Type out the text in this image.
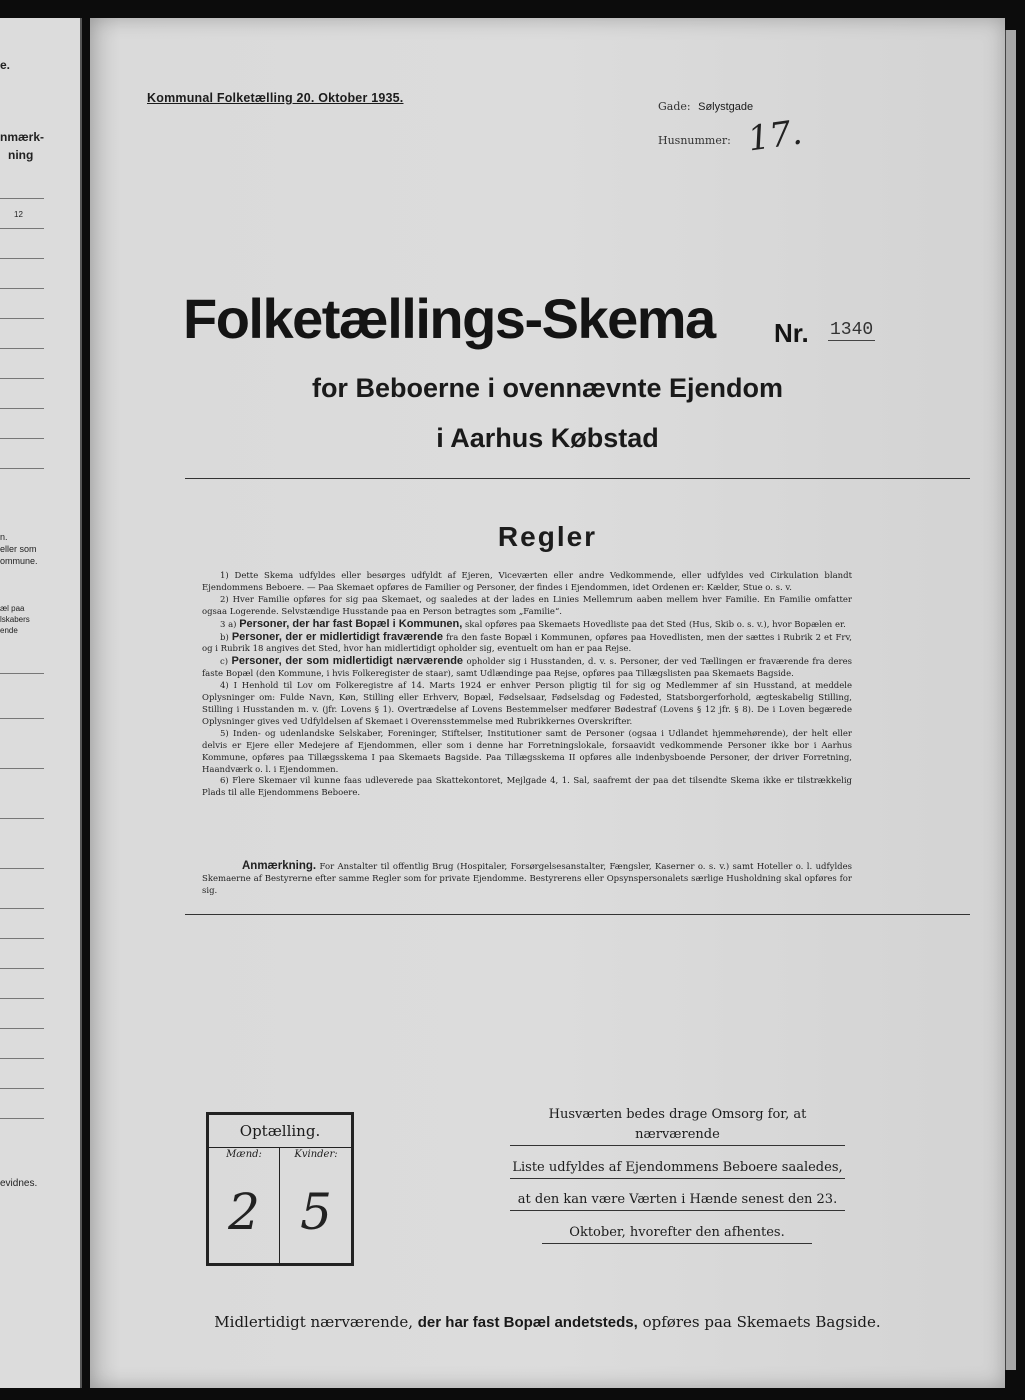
e.
nmærk-
ning
12
n.
eller som
ommune.
æl paa
lskabers
ende
evidnes.
Kommunal Folketælling 20. Oktober 1935.
Gade: Sølystgade
Husnummer: 17.
Folketællings-Skema Nr. 1340
for Beboerne i ovennævnte Ejendom
i Aarhus Købstad
Regler

1) Dette Skema udfyldes eller besørges udfyldt af Ejeren, Viceværten eller andre Vedkommende, eller udfyldes ved Cirkulation blandt Ejendommens Beboere. — Paa Skemaet opføres de Familier og Personer, der findes i Ejendommen, idet Ordenen er: Kælder, Stue o. s. v.

2) Hver Familie opføres for sig paa Skemaet, og saaledes at der lades en Linies Mellemrum aaben mellem hver Familie. En Familie omfatter ogsaa Logerende. Selvstændige Husstande paa en Person betragtes som „Familie“.

3 a) Personer, der har fast Bopæl i Kommunen, skal opføres paa Skemaets Hovedliste paa det Sted (Hus, Skib o. s. v.), hvor Bopælen er.

b) Personer, der er midlertidigt fraværende fra den faste Bopæl i Kommunen, opføres paa Hovedlisten, men der sættes i Rubrik 2 et Frv, og i Rubrik 18 angives det Sted, hvor han midlertidigt opholder sig, eventuelt om han er paa Rejse.

c) Personer, der som midlertidigt nærværende opholder sig i Husstanden, d. v. s. Personer, der ved Tællingen er fraværende fra deres faste Bopæl (den Kommune, i hvis Folkeregister de staar), samt Udlændinge paa Rejse, opføres paa Tillægslisten paa Skemaets Bagside.

4) I Henhold til Lov om Folkeregistre af 14. Marts 1924 er enhver Person pligtig til for sig og Medlemmer af sin Husstand, at meddele Oplysninger om: Fulde Navn, Køn, Stilling eller Erhverv, Bopæl, Fødselsaar, Fødselsdag og Fødested, Statsborgerforhold, ægteskabelig Stilling, Stilling i Husstanden m. v. (jfr. Lovens § 1). Overtrædelse af Lovens Bestemmelser medfører Bødestraf (Lovens § 12 jfr. § 8). De i Loven begærede Oplysninger gives ved Udfyldelsen af Skemaet i Overensstemmelse med Rubrikkernes Overskrifter.

5) Inden- og udenlandske Selskaber, Foreninger, Stiftelser, Institutioner samt de Personer (ogsaa i Udlandet hjemmehørende), der helt eller delvis er Ejere eller Medejere af Ejendommen, eller som i denne har Forretningslokale, forsaavidt vedkommende Personer ikke bor i Aarhus Kommune, opføres paa Tillægsskema I paa Skemaets Bagside. Paa Tillægsskema II opføres alle indenbysboende Personer, der driver Forretning, Haandværk o. l. i Ejendommen.

6) Flere Skemaer vil kunne faas udleverede paa Skattekontoret, Mejlgade 4, 1. Sal, saafremt der paa det tilsendte Skema ikke er tilstrækkelig Plads til alle Ejendommens Beboere.

Anmærkning. For Anstalter til offentlig Brug (Hospitaler, Forsørgelsesanstalter, Fængsler, Kaserner o. s. v.) samt Hoteller o. l. udfyldes Skemaerne af Bestyrerne efter samme Regler som for private Ejendomme. Bestyrerens eller Opsynspersonalets særlige Husholdning skal opføres for sig.
Optælling.
Mænd:	Kvinder:
2 5
Husværten bedes drage Omsorg for, at nærværende
Liste udfyldes af Ejendommens Beboere saaledes,
at den kan være Værten i Hænde senest den 23.
Oktober, hvorefter den afhentes.
Midlertidigt nærværende, der har fast Bopæl andetsteds, opføres paa Skemaets Bagside.
